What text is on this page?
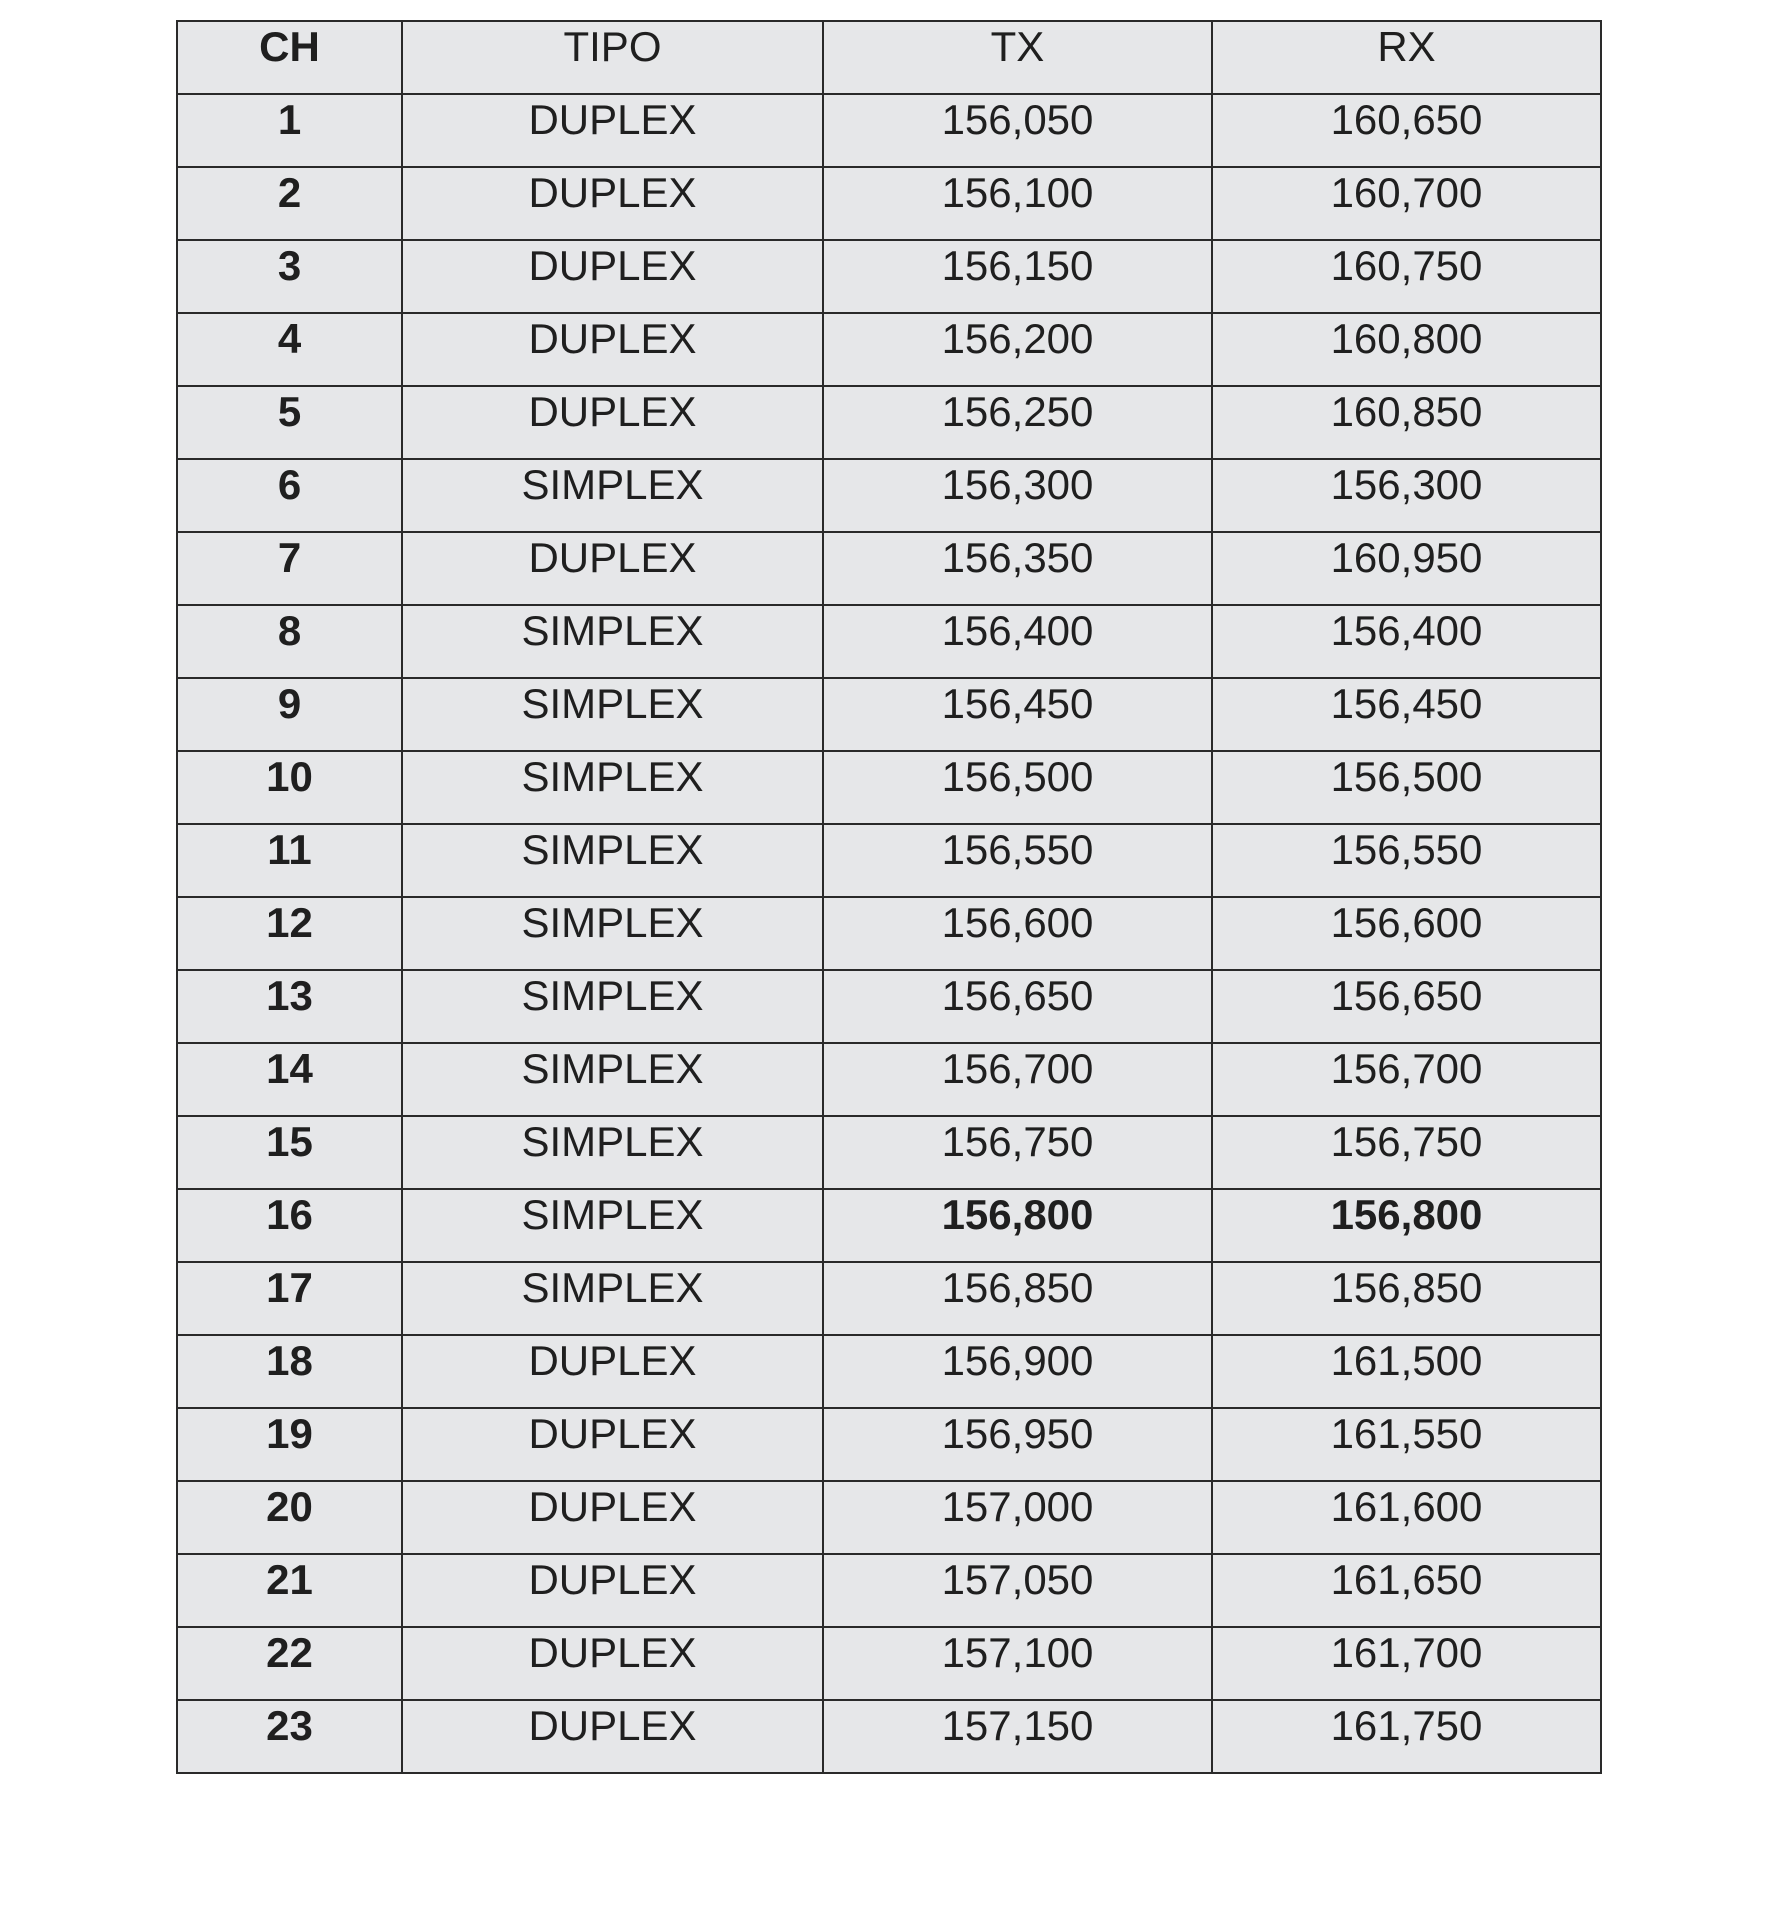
CH	TIPO	TX	RX
1	DUPLEX	156,050	160,650
2	DUPLEX	156,100	160,700
3	DUPLEX	156,150	160,750
4	DUPLEX	156,200	160,800
5	DUPLEX	156,250	160,850
6	SIMPLEX	156,300	156,300
7	DUPLEX	156,350	160,950
8	SIMPLEX	156,400	156,400
9	SIMPLEX	156,450	156,450
10	SIMPLEX	156,500	156,500
11	SIMPLEX	156,550	156,550
12	SIMPLEX	156,600	156,600
13	SIMPLEX	156,650	156,650
14	SIMPLEX	156,700	156,700
15	SIMPLEX	156,750	156,750
16	SIMPLEX	156,800	156,800
17	SIMPLEX	156,850	156,850
18	DUPLEX	156,900	161,500
19	DUPLEX	156,950	161,550
20	DUPLEX	157,000	161,600
21	DUPLEX	157,050	161,650
22	DUPLEX	157,100	161,700
23	DUPLEX	157,150	161,750
